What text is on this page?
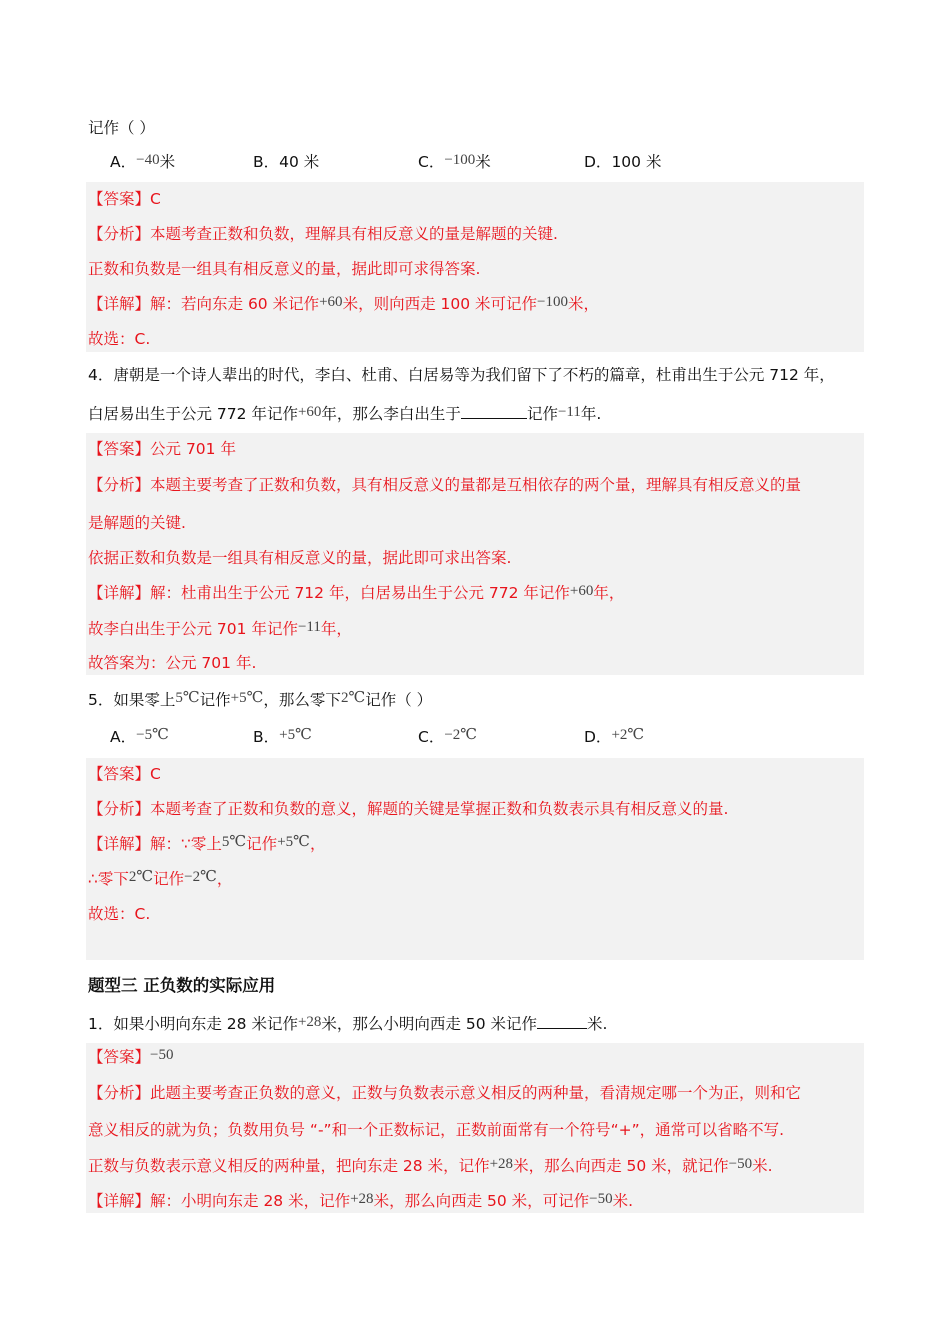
记作（ ）
A．−40米	B．40 米	C．−100米	D．100 米
【答案】C
【分析】本题考查正数和负数，理解具有相反意义的量是解题的关键.
正数和负数是一组具有相反意义的量，据此即可求得答案.
【详解】解：若向东走 60 米记作+60米，则向西走 100 米可记作−100米，
故选：C.
4．唐朝是一个诗人辈出的时代，李白、杜甫、白居易等为我们留下了不朽的篇章，杜甫出生于公元 712 年，
白居易出生于公元 772 年记作+60年，那么李白出生于	记作−11年.
【答案】公元 701 年
【分析】本题主要考查了正数和负数，具有相反意义的量都是互相依存的两个量，理解具有相反意义的量
是解题的关键.
依据正数和负数是一组具有相反意义的量，据此即可求出答案.
【详解】解：杜甫出生于公元 712 年，白居易出生于公元 772 年记作+60年，
故李白出生于公元 701 年记作−11年，
故答案为：公元 701 年.
5．如果零上5℃记作+5℃，那么零下2℃记作（ ）
A．−5℃	B．+5℃	C．−2℃	D．+2℃
【答案】C
【分析】本题考查了正数和负数的意义，解题的关键是掌握正数和负数表示具有相反意义的量.
【详解】解：∵零上5℃记作+5℃，
∴零下2℃记作−2℃，
故选：C.
题型三 正负数的实际应用
1．如果小明向东走 28 米记作+28米，那么小明向西走 50 米记作	米.
【答案】−50
【分析】此题主要考查正负数的意义，正数与负数表示意义相反的两种量，看清规定哪一个为正，则和它
意义相反的就为负；负数用负号 “-”和一个正数标记，正数前面常有一个符号“+”，通常可以省略不写.
正数与负数表示意义相反的两种量，把向东走 28 米，记作+28米，那么向西走 50 米，就记作−50米.
【详解】解：小明向东走 28 米，记作+28米，那么向西走 50 米，可记作−50米.
